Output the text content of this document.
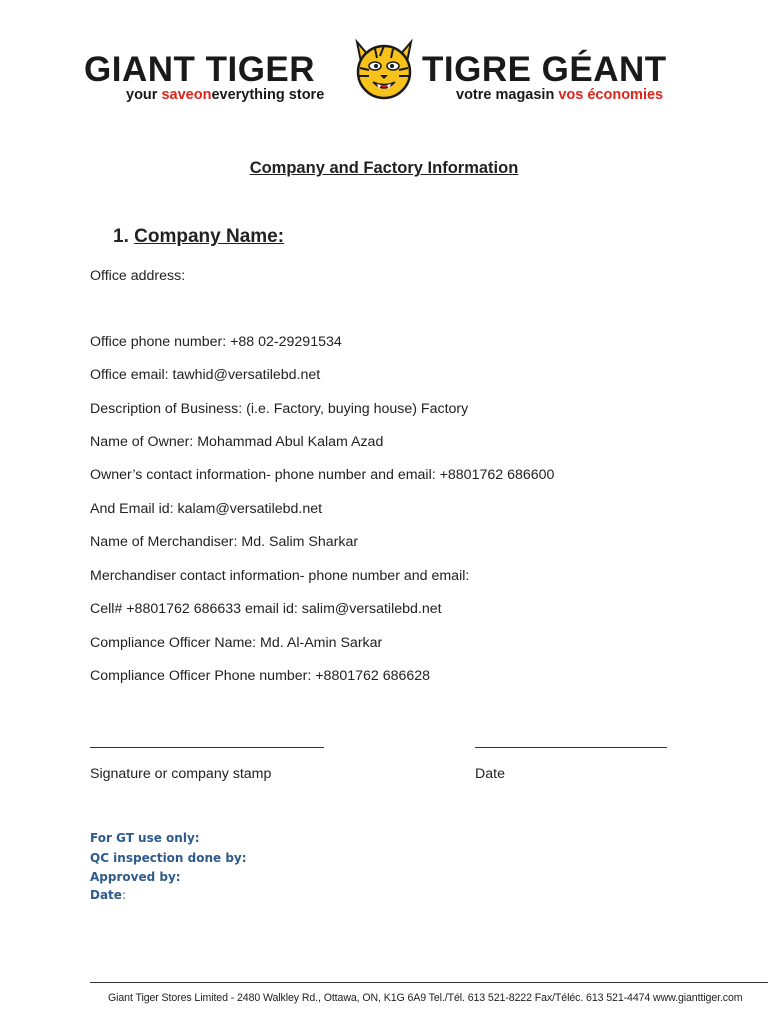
GIANT TIGER	TIGRE GÉANT
your saveoneverything store	votre magasin vos économies
Company and Factory Information
1. Company Name:
Office address:
Office phone number: +88 02-29291534
Office email: tawhid@versatilebd.net
Description of Business: (i.e. Factory, buying house) Factory
Name of Owner: Mohammad Abul Kalam Azad
Owner’s contact information- phone number and email: +8801762 686600
And Email id: kalam@versatilebd.net
Name of Merchandiser: Md. Salim Sharkar
Merchandiser contact information- phone number and email:
Cell# +8801762 686633 email id: salim@versatilebd.net
Compliance Officer Name: Md. Al-Amin Sarkar
Compliance Officer Phone number: +8801762 686628
Signature or company stamp	Date
For GT use only:
QC inspection done by:
Approved by:
Date:
Giant Tiger Stores Limited - 2480 Walkley Rd., Ottawa, ON, K1G 6A9 Tel./Tél. 613 521-8222 Fax/Téléc. 613 521-4474 www.gianttiger.com
